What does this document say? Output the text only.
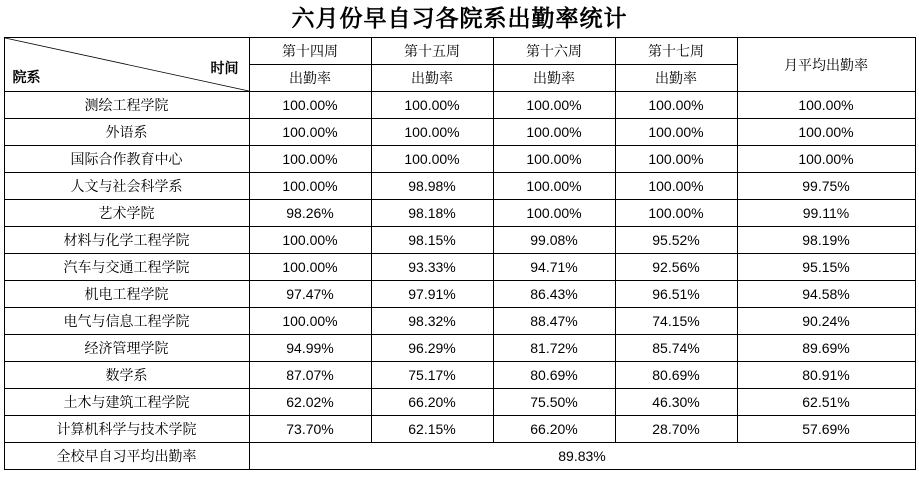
六月份早自习各院系出勤率统计
院系
时间	第十四周	第十五周	第十六周	第十七周	月平均出勤率
	出勤率	出勤率	出勤率	出勤率	
测绘工程学院	100.00%	100.00%	100.00%	100.00%	100.00%
外语系	100.00%	100.00%	100.00%	100.00%	100.00%
国际合作教育中心	100.00%	100.00%	100.00%	100.00%	100.00%
人文与社会科学系	100.00%	98.98%	100.00%	100.00%	99.75%
艺术学院	98.26%	98.18%	100.00%	100.00%	99.11%
材料与化学工程学院	100.00%	98.15%	99.08%	95.52%	98.19%
汽车与交通工程学院	100.00%	93.33%	94.71%	92.56%	95.15%
机电工程学院	97.47%	97.91%	86.43%	96.51%	94.58%
电气与信息工程学院	100.00%	98.32%	88.47%	74.15%	90.24%
经济管理学院	94.99%	96.29%	81.72%	85.74%	89.69%
数学系	87.07%	75.17%	80.69%	80.69%	80.91%
土木与建筑工程学院	62.02%	66.20%	75.50%	46.30%	62.51%
计算机科学与技术学院	73.70%	62.15%	66.20%	28.70%	57.69%
全校早自习平均出勤率	89.83%				
